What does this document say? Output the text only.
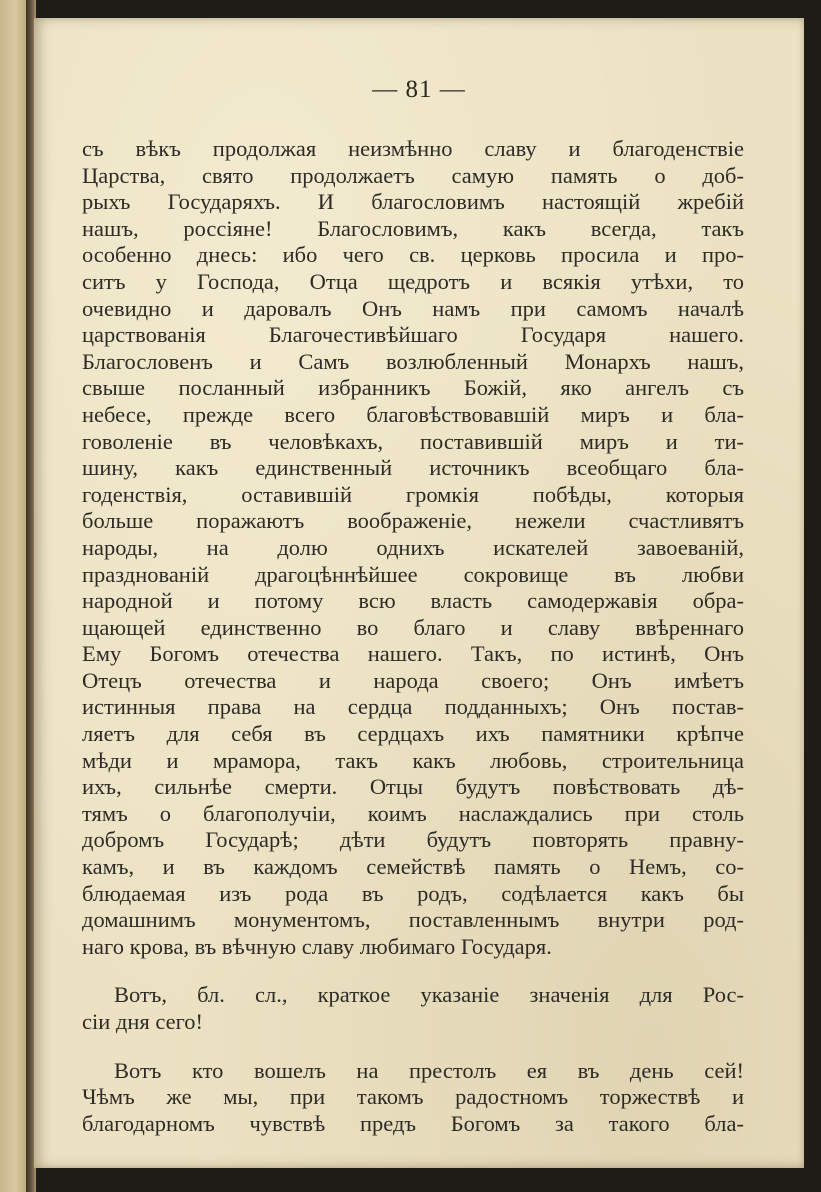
— 81 —
съ вѣкъ продолжая неизмѣнно славу и благоденствіе
Царства, свято продолжаетъ самую память о доб-
рыхъ Государяхъ. И благословимъ настоящій жребій
нашъ, россіяне! Благословимъ, какъ всегда, такъ
особенно днесь: ибо чего св. церковь просила и про-
ситъ у Господа, Отца щедротъ и всякія утѣхи, то
очевидно и даровалъ Онъ намъ при самомъ началѣ
царствованія Благочестивѣйшаго Государя нашего.
Благословенъ и Самъ возлюбленный Монархъ нашъ,
свыше посланный избранникъ Божій, яко ангелъ съ
небесе, прежде всего благовѣствовавшій миръ и бла-
говоленіе въ человѣкахъ, поставившій миръ и ти-
шину, какъ единственный источникъ всеобщаго бла-
годенствія, оставившій громкія побѣды, которыя
больше поражаютъ воображеніе, нежели счастливятъ
народы, на долю однихъ искателей завоеваній,
празднованій драгоцѣннѣйшее сокровище въ любви
народной и потому всю власть самодержавія обра-
щающей единственно во благо и славу ввѣреннаго
Ему Богомъ отечества нашего. Такъ, по истинѣ, Онъ
Отецъ отечества и народа своего; Онъ имѣетъ
истинныя права на сердца подданныхъ; Онъ постав-
ляетъ для себя въ сердцахъ ихъ памятники крѣпче
мѣди и мрамора, такъ какъ любовь, строительница
ихъ, сильнѣе смерти. Отцы будутъ повѣствовать дѣ-
тямъ о благополучіи, коимъ наслаждались при столь
добромъ Государѣ; дѣти будутъ повторять правну-
камъ, и въ каждомъ семействѣ память о Немъ, со-
блюдаемая изъ рода въ родъ, содѣлается какъ бы
домашнимъ монументомъ, поставленнымъ внутри род-
наго крова, въ вѣчную славу любимаго Государя.
Вотъ, бл. сл., краткое указаніе значенія для Рос-
сіи дня сего!
Вотъ кто вошелъ на престолъ ея въ день сей!
Чѣмъ же мы, при такомъ радостномъ торжествѣ и
благодарномъ чувствѣ предъ Богомъ за такого бла-
